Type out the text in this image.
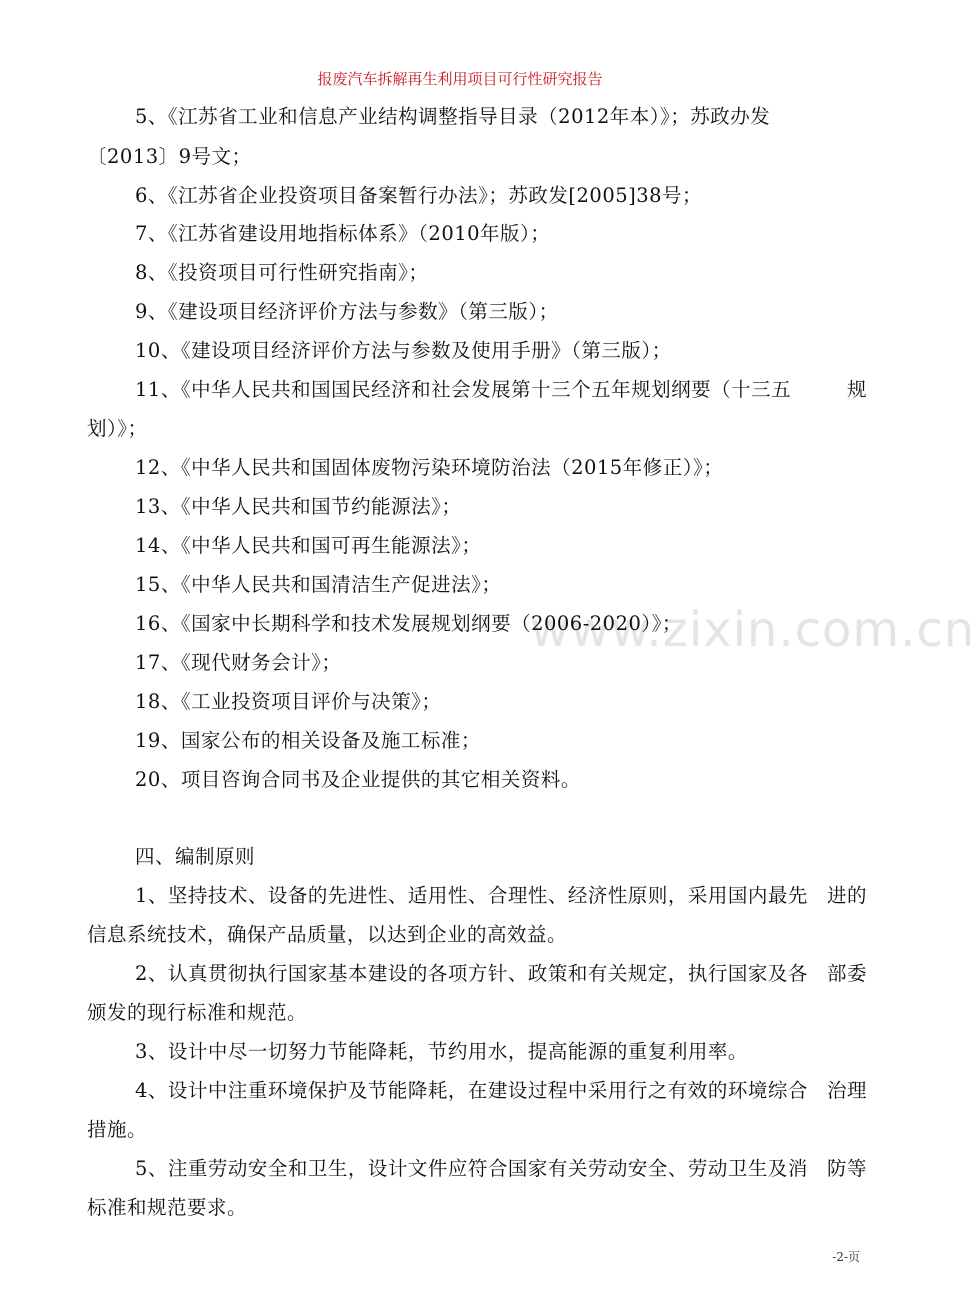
报废汽车拆解再生利用项目可行性研究报告
www.zixin.com.cn
5、《江苏省工业和信息产业结构调整指导目录（2012年本）》；苏政办发
〔2013〕9号文；
6、《江苏省企业投资项目备案暂行办法》；苏政发[2005]38号；
7、《江苏省建设用地指标体系》（2010年版）；
8、《投资项目可行性研究指南》；
9、《建设项目经济评价方法与参数》（第三版）；
10、《建设项目经济评价方法与参数及使用手册》（第三版）；
11、《中华人民共和国国民经济和社会发展第十三个五年规划纲要（十三五	规
划）》；
12、《中华人民共和国固体废物污染环境防治法（2015年修正）》；
13、《中华人民共和国节约能源法》；
14、《中华人民共和国可再生能源法》；
15、《中华人民共和国清洁生产促进法》；
16、《国家中长期科学和技术发展规划纲要（2006-2020）》；
17、《现代财务会计》；
18、《工业投资项目评价与决策》；
19、国家公布的相关设备及施工标准；
20、项目咨询合同书及企业提供的其它相关资料。
四、编制原则
1、坚持技术、设备的先进性、适用性、合理性、经济性原则，采用国内最先 进的
信息系统技术，确保产品质量，以达到企业的高效益。
2、认真贯彻执行国家基本建设的各项方针、政策和有关规定，执行国家及各 部委
颁发的现行标准和规范。
3、设计中尽一切努力节能降耗，节约用水，提高能源的重复利用率。
4、设计中注重环境保护及节能降耗，在建设过程中采用行之有效的环境综合 治理
措施。
5、注重劳动安全和卫生，设计文件应符合国家有关劳动安全、劳动卫生及消 防等
标准和规范要求。
-2-页
